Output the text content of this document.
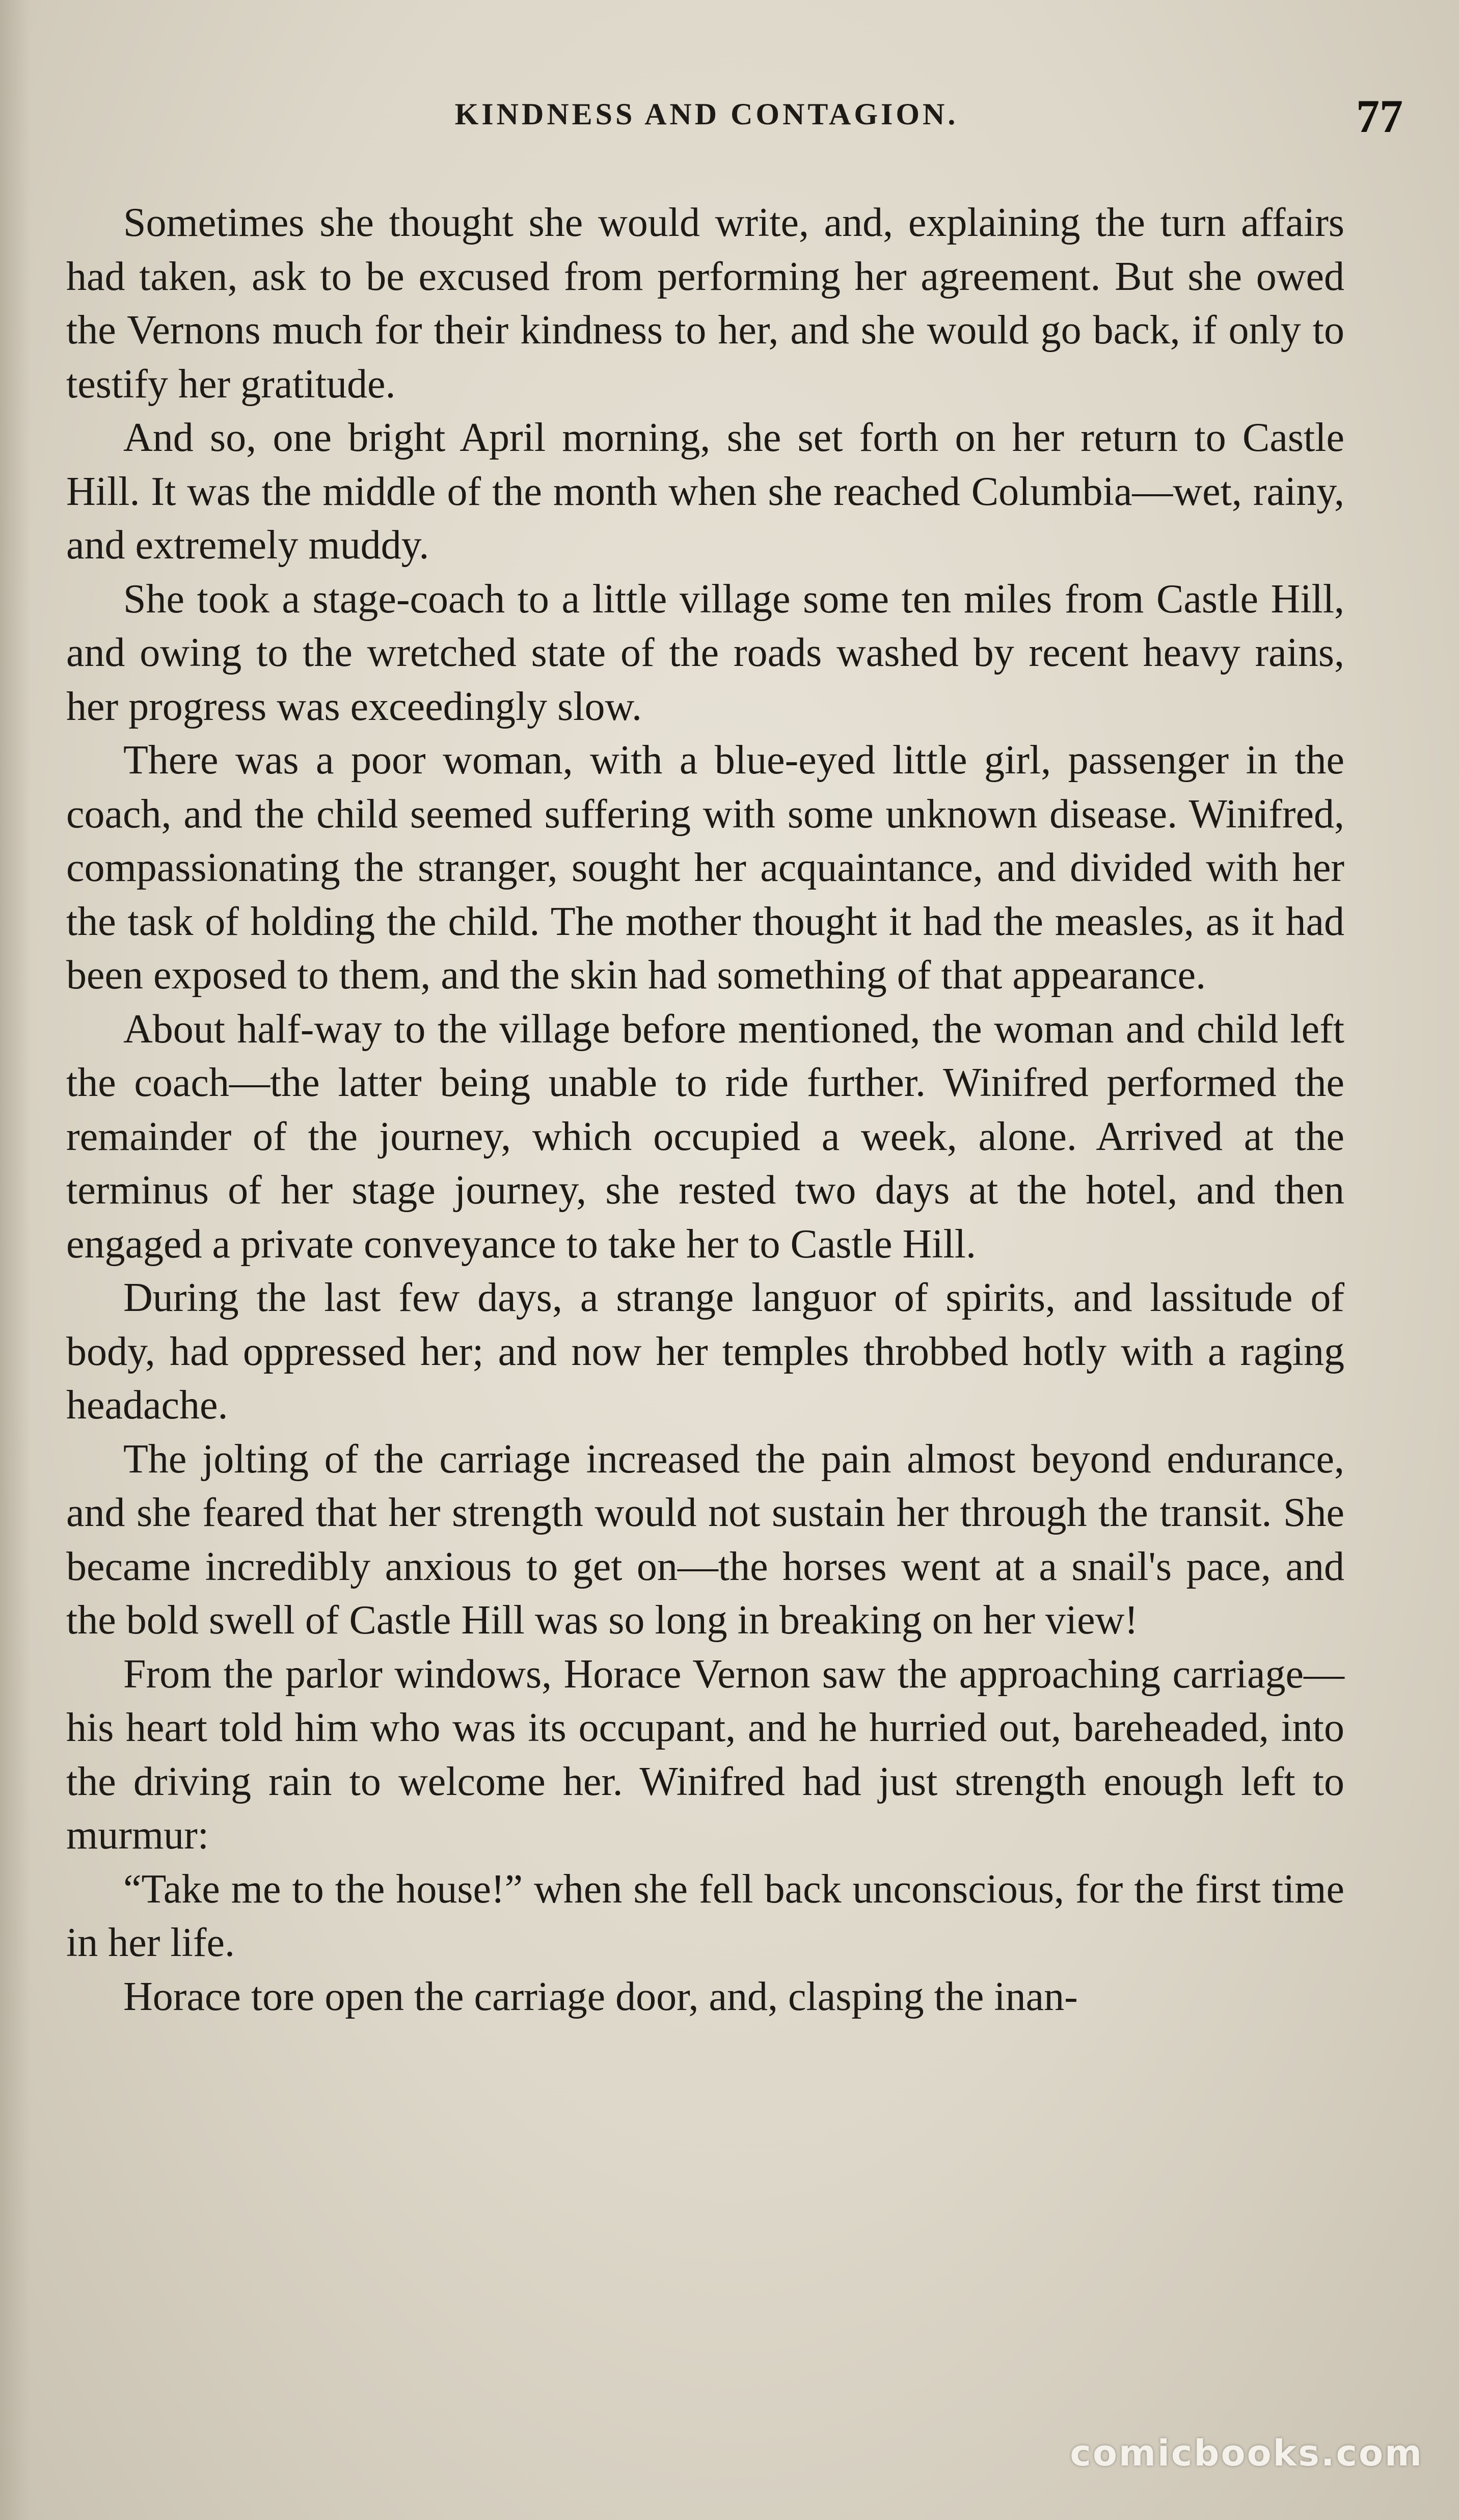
KINDNESS AND CONTAGION.	77

Sometimes she thought she would write, and, explaining the turn affairs had taken, ask to be excused from performing her agreement. But she owed the Vernons much for their kindness to her, and she would go back, if only to testify her gratitude.

And so, one bright April morning, she set forth on her return to Castle Hill. It was the middle of the month when she reached Columbia—wet, rainy, and extremely muddy.

She took a stage-coach to a little village some ten miles from Castle Hill, and owing to the wretched state of the roads washed by recent heavy rains, her progress was exceedingly slow.

There was a poor woman, with a blue-eyed little girl, passenger in the coach, and the child seemed suffering with some unknown disease. Winifred, compassionating the stranger, sought her acquaintance, and divided with her the task of holding the child. The mother thought it had the measles, as it had been exposed to them, and the skin had something of that appearance.

About half-way to the village before mentioned, the woman and child left the coach—the latter being unable to ride further. Winifred performed the remainder of the journey, which occupied a week, alone. Arrived at the terminus of her stage journey, she rested two days at the hotel, and then engaged a private conveyance to take her to Castle Hill.

During the last few days, a strange languor of spirits, and lassitude of body, had oppressed her; and now her temples throbbed hotly with a raging headache.

The jolting of the carriage increased the pain almost beyond endurance, and she feared that her strength would not sustain her through the transit. She became incredibly anxious to get on—the horses went at a snail's pace, and the bold swell of Castle Hill was so long in breaking on her view!

From the parlor windows, Horace Vernon saw the approaching carriage—his heart told him who was its occupant, and he hurried out, bareheaded, into the driving rain to welcome her. Winifred had just strength enough left to murmur:

“Take me to the house!” when she fell back unconscious, for the first time in her life.

Horace tore open the carriage door, and, clasping the inan-

comicbooks.com
